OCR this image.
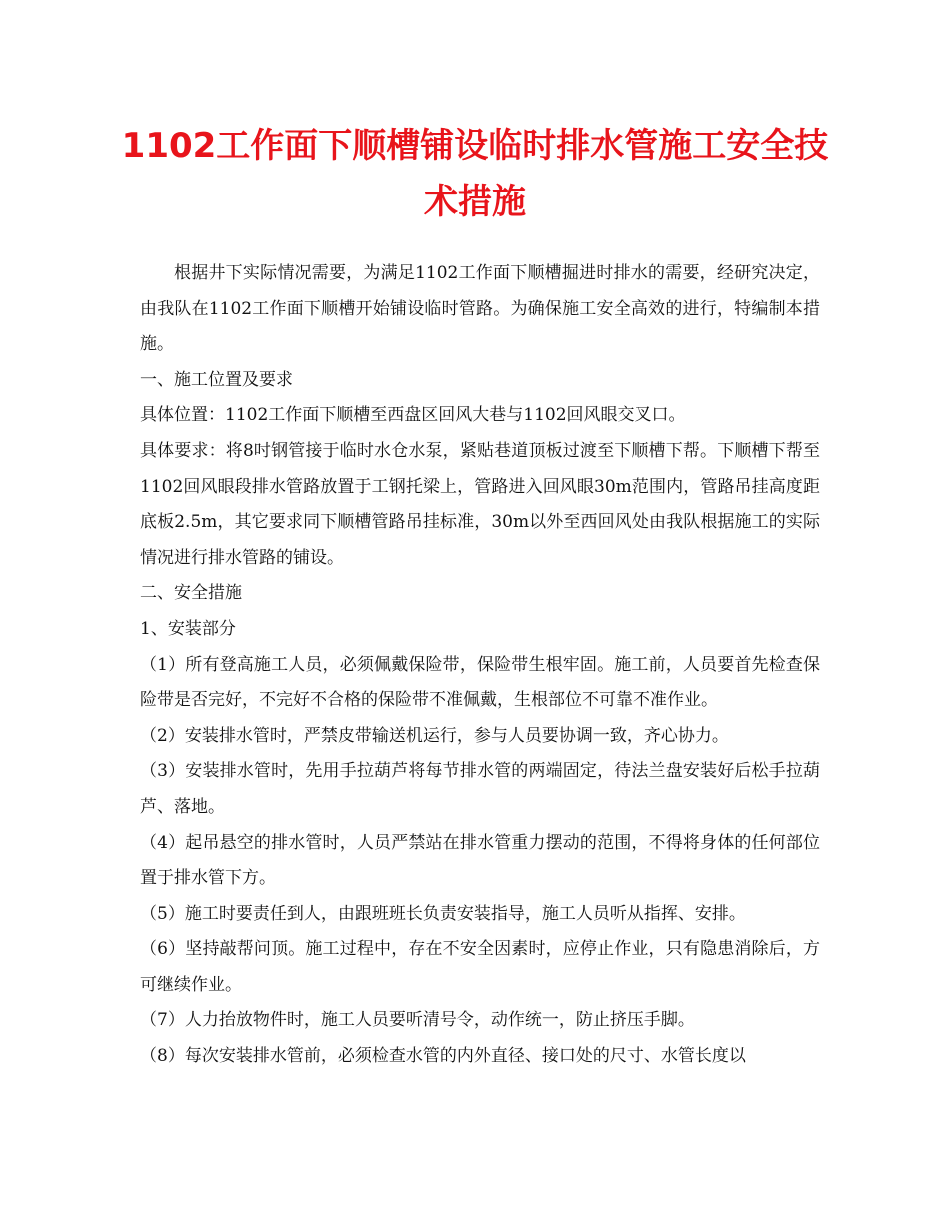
1102工作面下顺槽铺设临时排水管施工安全技术措施

根据井下实际情况需要，为满足1102工作面下顺槽掘进时排水的需要，经研究决定，由我队在1102工作面下顺槽开始铺设临时管路。为确保施工安全高效的进行，特编制本措施。

一、施工位置及要求

具体位置：1102工作面下顺槽至西盘区回风大巷与1102回风眼交叉口。

具体要求：将8吋钢管接于临时水仓水泵，紧贴巷道顶板过渡至下顺槽下帮。下顺槽下帮至1102回风眼段排水管路放置于工钢托梁上，管路进入回风眼30m范围内，管路吊挂高度距底板2.5m，其它要求同下顺槽管路吊挂标准，30m以外至西回风处由我队根据施工的实际情况进行排水管路的铺设。

二、安全措施

1、安装部分

（1）所有登高施工人员，必须佩戴保险带，保险带生根牢固。施工前，人员要首先检查保险带是否完好，不完好不合格的保险带不准佩戴，生根部位不可靠不准作业。

（2）安装排水管时，严禁皮带输送机运行，参与人员要协调一致，齐心协力。

（3）安装排水管时，先用手拉葫芦将每节排水管的两端固定，待法兰盘安装好后松手拉葫芦、落地。

（4）起吊悬空的排水管时，人员严禁站在排水管重力摆动的范围，不得将身体的任何部位置于排水管下方。

（5）施工时要责任到人，由跟班班长负责安装指导，施工人员听从指挥、安排。

（6）坚持敲帮问顶。施工过程中，存在不安全因素时，应停止作业，只有隐患消除后，方可继续作业。

（7）人力抬放物件时，施工人员要听清号令，动作统一，防止挤压手脚。

（8）每次安装排水管前，必须检查水管的内外直径、接口处的尺寸、水管长度以
